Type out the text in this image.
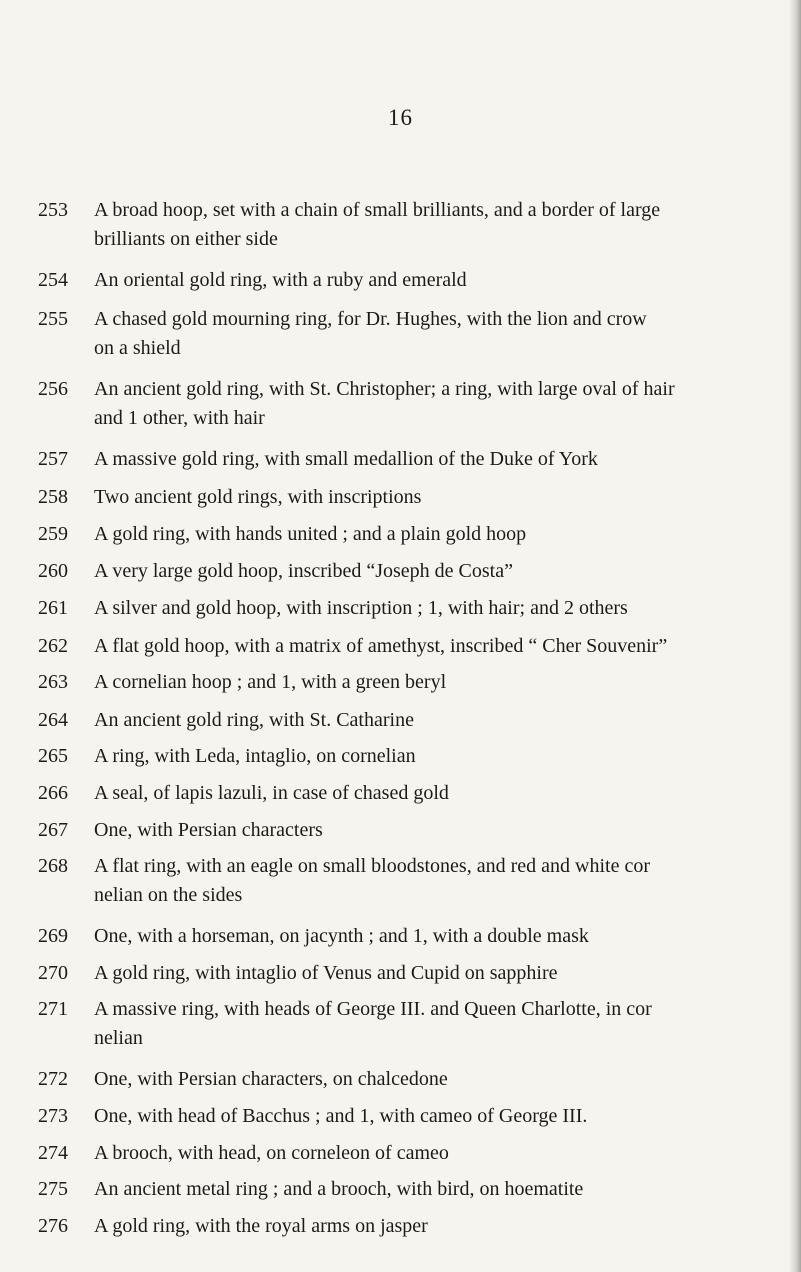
16
253	A broad hoop, set with a chain of small brilliants, and a border of large
brilliants on either side
254	An oriental gold ring, with a ruby and emerald
255	A chased gold mourning ring, for Dr. Hughes, with the lion and crow
on a shield
256	An ancient gold ring, with St. Christopher; a ring, with large oval of hair
and 1 other, with hair
257	A massive gold ring, with small medallion of the Duke of York
258	Two ancient gold rings, with inscriptions
259	A gold ring, with hands united ; and a plain gold hoop
260	A very large gold hoop, inscribed “Joseph de Costa”
261	A silver and gold hoop, with inscription ; 1, with hair; and 2 others
262	A flat gold hoop, with a matrix of amethyst, inscribed “ Cher Souvenir”
263	A cornelian hoop ; and 1, with a green beryl
264	An ancient gold ring, with St. Catharine
265	A ring, with Leda, intaglio, on cornelian
266	A seal, of lapis lazuli, in case of chased gold
267	One, with Persian characters
268	A flat ring, with an eagle on small bloodstones, and red and white cor
nelian on the sides
269	One, with a horseman, on jacynth ; and 1, with a double mask
270	A gold ring, with intaglio of Venus and Cupid on sapphire
271	A massive ring, with heads of George III. and Queen Charlotte, in cor
nelian
272	One, with Persian characters, on chalcedone
273	One, with head of Bacchus ; and 1, with cameo of George III.
274	A brooch, with head, on corneleon of cameo
275	An ancient metal ring ; and a brooch, with bird, on hoematite
276	A gold ring, with the royal arms on jasper
